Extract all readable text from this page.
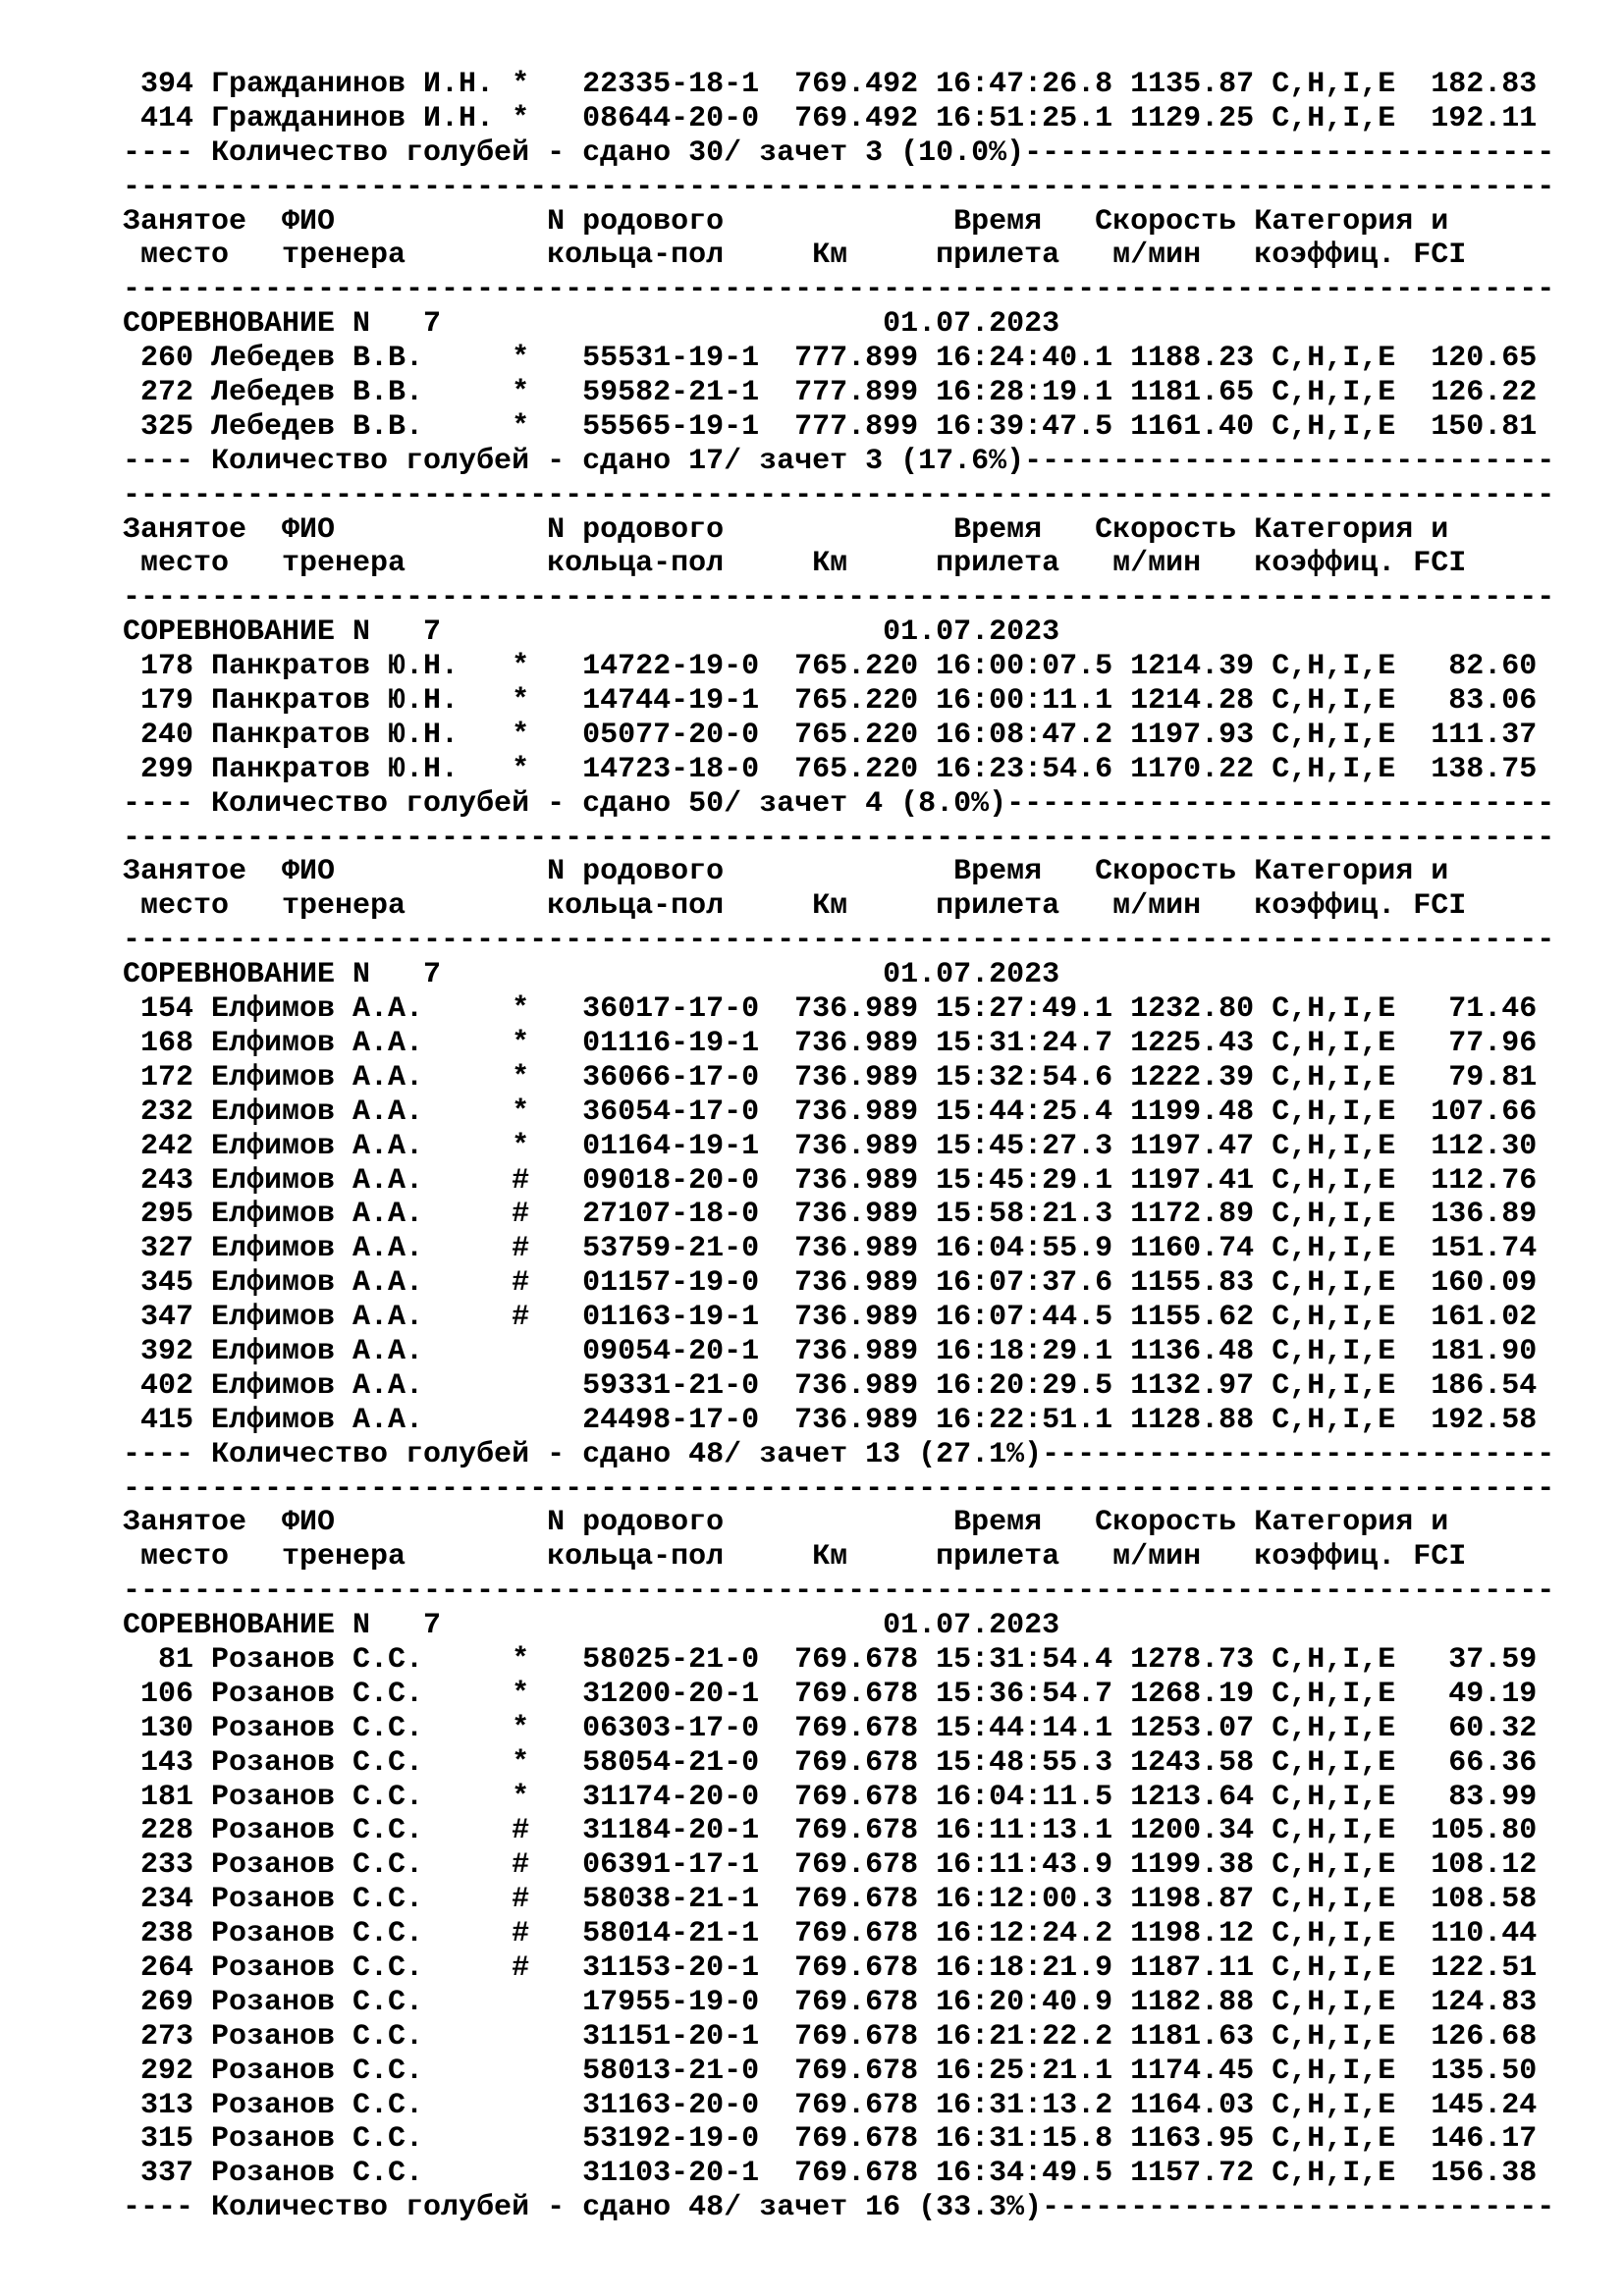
394 Гражданинов И.Н. *   22335-18-1  769.492 16:47:26.8 1135.87 C,H,I,E  182.83
414 Гражданинов И.Н. *   08644-20-0  769.492 16:51:25.1 1129.25 C,H,I,E  192.11
---- Количество голубей - сдано 30/ зачет 3 (10.0%)------------------------------
---------------------------------------------------------------------------------
Занятое  ФИО            N родового             Время   Скорость Категория и
место   тренера        кольца-пол     Км     прилета   м/мин   коэффиц. FCI
---------------------------------------------------------------------------------
СОРЕВНОВАНИЕ N   7                         01.07.2023
260 Лебедев В.В.     *   55531-19-1  777.899 16:24:40.1 1188.23 C,H,I,E  120.65
272 Лебедев В.В.     *   59582-21-1  777.899 16:28:19.1 1181.65 C,H,I,E  126.22
325 Лебедев В.В.     *   55565-19-1  777.899 16:39:47.5 1161.40 C,H,I,E  150.81
---- Количество голубей - сдано 17/ зачет 3 (17.6%)------------------------------
---------------------------------------------------------------------------------
Занятое  ФИО            N родового             Время   Скорость Категория и
место   тренера        кольца-пол     Км     прилета   м/мин   коэффиц. FCI
---------------------------------------------------------------------------------
СОРЕВНОВАНИЕ N   7                         01.07.2023
178 Панкратов Ю.Н.   *   14722-19-0  765.220 16:00:07.5 1214.39 C,H,I,E   82.60
179 Панкратов Ю.Н.   *   14744-19-1  765.220 16:00:11.1 1214.28 C,H,I,E   83.06
240 Панкратов Ю.Н.   *   05077-20-0  765.220 16:08:47.2 1197.93 C,H,I,E  111.37
299 Панкратов Ю.Н.   *   14723-18-0  765.220 16:23:54.6 1170.22 C,H,I,E  138.75
---- Количество голубей - сдано 50/ зачет 4 (8.0%)-------------------------------
---------------------------------------------------------------------------------
Занятое  ФИО            N родового             Время   Скорость Категория и
место   тренера        кольца-пол     Км     прилета   м/мин   коэффиц. FCI
---------------------------------------------------------------------------------
СОРЕВНОВАНИЕ N   7                         01.07.2023
154 Елфимов А.А.     *   36017-17-0  736.989 15:27:49.1 1232.80 C,H,I,E   71.46
168 Елфимов А.А.     *   01116-19-1  736.989 15:31:24.7 1225.43 C,H,I,E   77.96
172 Елфимов А.А.     *   36066-17-0  736.989 15:32:54.6 1222.39 C,H,I,E   79.81
232 Елфимов А.А.     *   36054-17-0  736.989 15:44:25.4 1199.48 C,H,I,E  107.66
242 Елфимов А.А.     *   01164-19-1  736.989 15:45:27.3 1197.47 C,H,I,E  112.30
243 Елфимов А.А.     #   09018-20-0  736.989 15:45:29.1 1197.41 C,H,I,E  112.76
295 Елфимов А.А.     #   27107-18-0  736.989 15:58:21.3 1172.89 C,H,I,E  136.89
327 Елфимов А.А.     #   53759-21-0  736.989 16:04:55.9 1160.74 C,H,I,E  151.74
345 Елфимов А.А.     #   01157-19-0  736.989 16:07:37.6 1155.83 C,H,I,E  160.09
347 Елфимов А.А.     #   01163-19-1  736.989 16:07:44.5 1155.62 C,H,I,E  161.02
392 Елфимов А.А.         09054-20-1  736.989 16:18:29.1 1136.48 C,H,I,E  181.90
402 Елфимов А.А.         59331-21-0  736.989 16:20:29.5 1132.97 C,H,I,E  186.54
415 Елфимов А.А.         24498-17-0  736.989 16:22:51.1 1128.88 C,H,I,E  192.58
---- Количество голубей - сдано 48/ зачет 13 (27.1%)-----------------------------
---------------------------------------------------------------------------------
Занятое  ФИО            N родового             Время   Скорость Категория и
место   тренера        кольца-пол     Км     прилета   м/мин   коэффиц. FCI
---------------------------------------------------------------------------------
СОРЕВНОВАНИЕ N   7                         01.07.2023
81 Розанов С.С.     *   58025-21-0  769.678 15:31:54.4 1278.73 C,H,I,E   37.59
106 Розанов С.С.     *   31200-20-1  769.678 15:36:54.7 1268.19 C,H,I,E   49.19
130 Розанов С.С.     *   06303-17-0  769.678 15:44:14.1 1253.07 C,H,I,E   60.32
143 Розанов С.С.     *   58054-21-0  769.678 15:48:55.3 1243.58 C,H,I,E   66.36
181 Розанов С.С.     *   31174-20-0  769.678 16:04:11.5 1213.64 C,H,I,E   83.99
228 Розанов С.С.     #   31184-20-1  769.678 16:11:13.1 1200.34 C,H,I,E  105.80
233 Розанов С.С.     #   06391-17-1  769.678 16:11:43.9 1199.38 C,H,I,E  108.12
234 Розанов С.С.     #   58038-21-1  769.678 16:12:00.3 1198.87 C,H,I,E  108.58
238 Розанов С.С.     #   58014-21-1  769.678 16:12:24.2 1198.12 C,H,I,E  110.44
264 Розанов С.С.     #   31153-20-1  769.678 16:18:21.9 1187.11 C,H,I,E  122.51
269 Розанов С.С.         17955-19-0  769.678 16:20:40.9 1182.88 C,H,I,E  124.83
273 Розанов С.С.         31151-20-1  769.678 16:21:22.2 1181.63 C,H,I,E  126.68
292 Розанов С.С.         58013-21-0  769.678 16:25:21.1 1174.45 C,H,I,E  135.50
313 Розанов С.С.         31163-20-0  769.678 16:31:13.2 1164.03 C,H,I,E  145.24
315 Розанов С.С.         53192-19-0  769.678 16:31:15.8 1163.95 C,H,I,E  146.17
337 Розанов С.С.         31103-20-1  769.678 16:34:49.5 1157.72 C,H,I,E  156.38
---- Количество голубей - сдано 48/ зачет 16 (33.3%)-----------------------------
